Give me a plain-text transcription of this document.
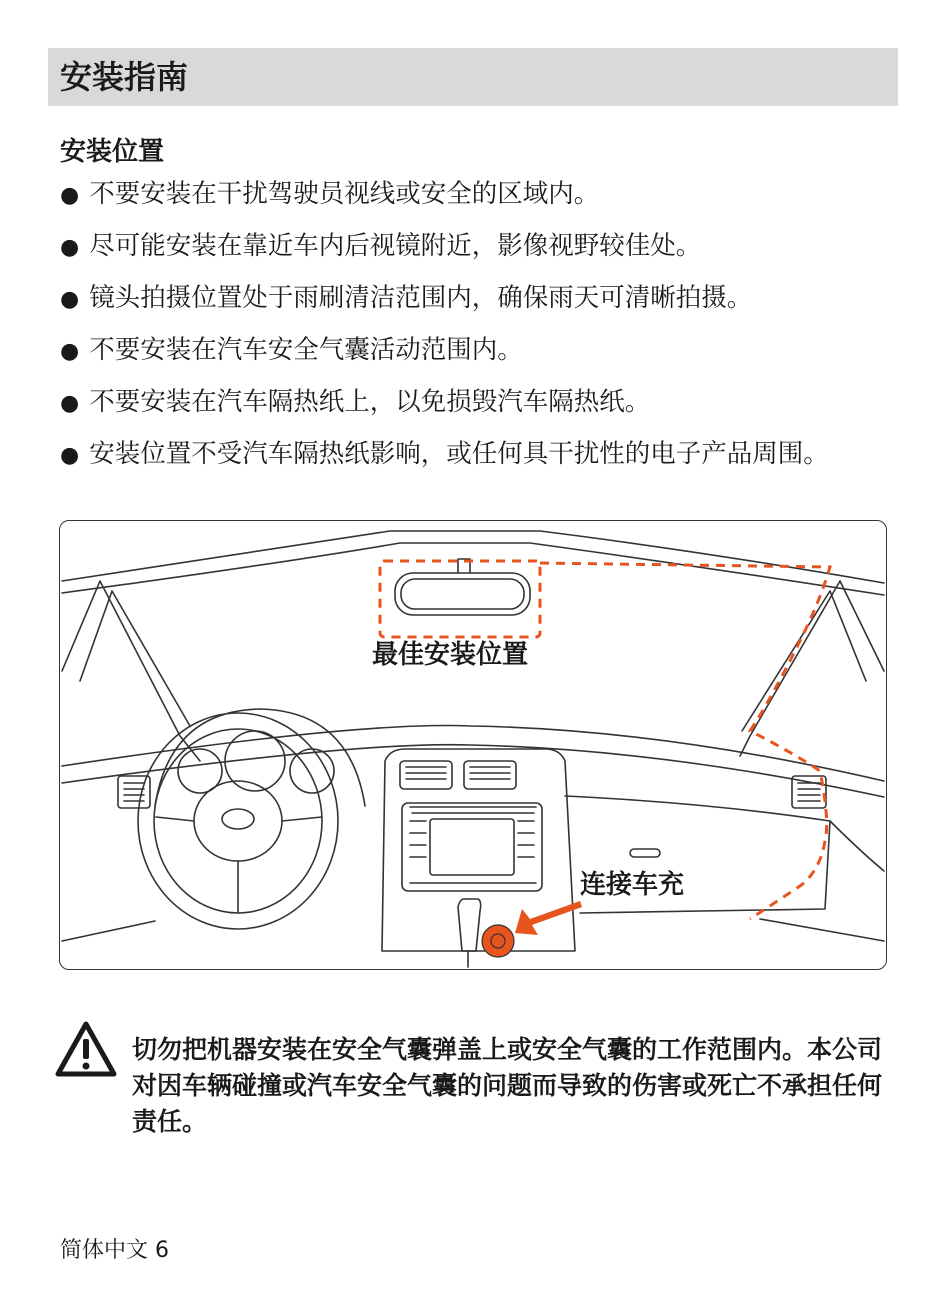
安装指南
安装位置
● 不要安装在干扰驾驶员视线或安全的区域内。
● 尽可能安装在靠近车内后视镜附近，影像视野较佳处。
● 镜头拍摄位置处于雨刷清洁范围内，确保雨天可清晰拍摄。
● 不要安装在汽车安全气囊活动范围内。
● 不要安装在汽车隔热纸上，以免损毁汽车隔热纸。
● 安装位置不受汽车隔热纸影响，或任何具干扰性的电子产品周围。
最佳安装位置
连接车充

切勿把机器安装在安全气囊弹盖上或安全气囊的工作范围内。本公司对因车辆碰撞或汽车安全气囊的问题而导致的伤害或死亡不承担任何责任。

简体中文 6
